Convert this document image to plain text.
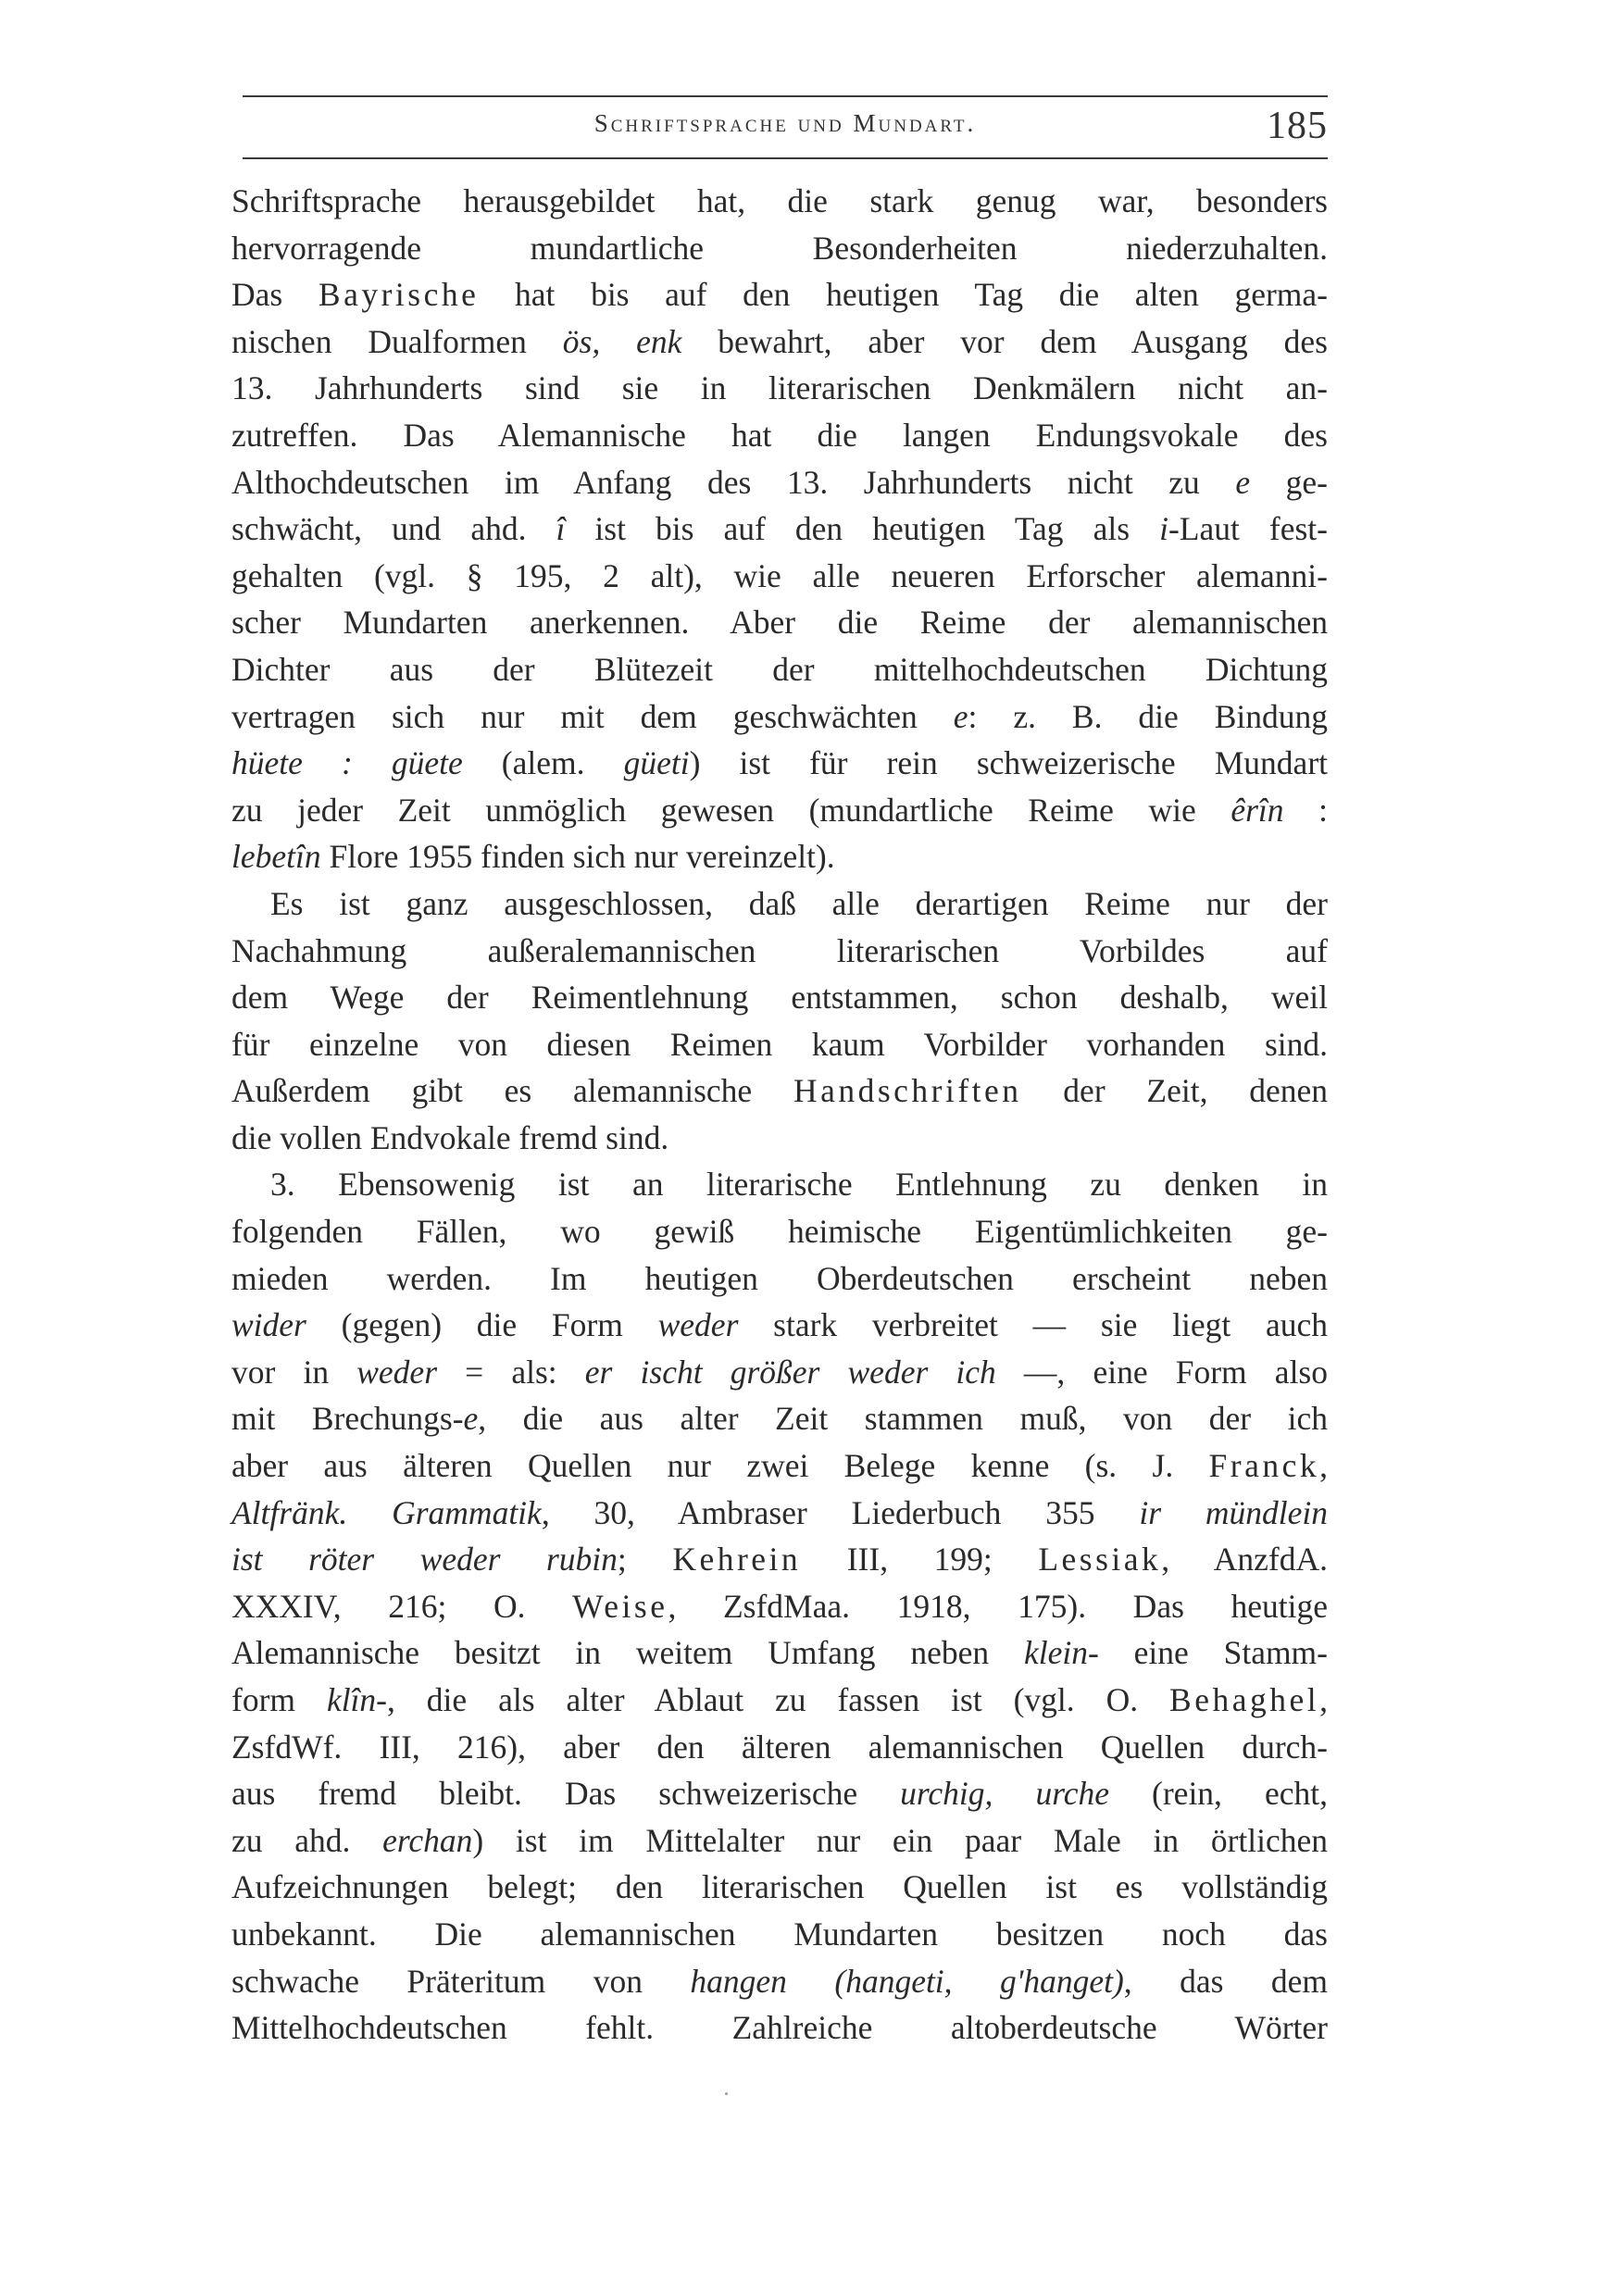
Schriftsprache und Mundart.	185
Schriftsprache herausgebildet hat, die stark genug war, besonders
hervorragende mundartliche Besonderheiten niederzuhalten.
Das Bayrische hat bis auf den heutigen Tag die alten germa-
nischen Dualformen ös, enk bewahrt, aber vor dem Ausgang des
13. Jahrhunderts sind sie in literarischen Denkmälern nicht an-
zutreffen. Das Alemannische hat die langen Endungsvokale des
Althochdeutschen im Anfang des 13. Jahrhunderts nicht zu e ge-
schwächt, und ahd. î ist bis auf den heutigen Tag als i-Laut fest-
gehalten (vgl. § 195, 2 alt), wie alle neueren Erforscher alemanni-
scher Mundarten anerkennen. Aber die Reime der alemannischen
Dichter aus der Blütezeit der mittelhochdeutschen Dichtung
vertragen sich nur mit dem geschwächten e: z. B. die Bindung
hüete : güete (alem. güeti) ist für rein schweizerische Mundart
zu jeder Zeit unmöglich gewesen (mundartliche Reime wie êrîn :
lebetîn Flore 1955 finden sich nur vereinzelt).
Es ist ganz ausgeschlossen, daß alle derartigen Reime nur der
Nachahmung außeralemannischen literarischen Vorbildes auf
dem Wege der Reimentlehnung entstammen, schon deshalb, weil
für einzelne von diesen Reimen kaum Vorbilder vorhanden sind.
Außerdem gibt es alemannische Handschriften der Zeit, denen
die vollen Endvokale fremd sind.
3. Ebensowenig ist an literarische Entlehnung zu denken in
folgenden Fällen, wo gewiß heimische Eigentümlichkeiten ge-
mieden werden. Im heutigen Oberdeutschen erscheint neben
wider (gegen) die Form weder stark verbreitet — sie liegt auch
vor in weder = als: er ischt größer weder ich —, eine Form also
mit Brechungs-e, die aus alter Zeit stammen muß, von der ich
aber aus älteren Quellen nur zwei Belege kenne (s. J. Franck,
Altfränk. Grammatik, 30, Ambraser Liederbuch 355 ir mündlein
ist röter weder rubin; Kehrein III, 199; Lessiak, AnzfdA.
XXXIV, 216; O. Weise, ZsfdMaa. 1918, 175). Das heutige
Alemannische besitzt in weitem Umfang neben klein- eine Stamm-
form klîn-, die als alter Ablaut zu fassen ist (vgl. O. Behaghel,
ZsfdWf. III, 216), aber den älteren alemannischen Quellen durch-
aus fremd bleibt. Das schweizerische urchig, urche (rein, echt,
zu ahd. erchan) ist im Mittelalter nur ein paar Male in örtlichen
Aufzeichnungen belegt; den literarischen Quellen ist es vollständig
unbekannt. Die alemannischen Mundarten besitzen noch das
schwache Präteritum von hangen (hangeti, g'hanget), das dem
Mittelhochdeutschen fehlt. Zahlreiche altoberdeutsche Wörter
